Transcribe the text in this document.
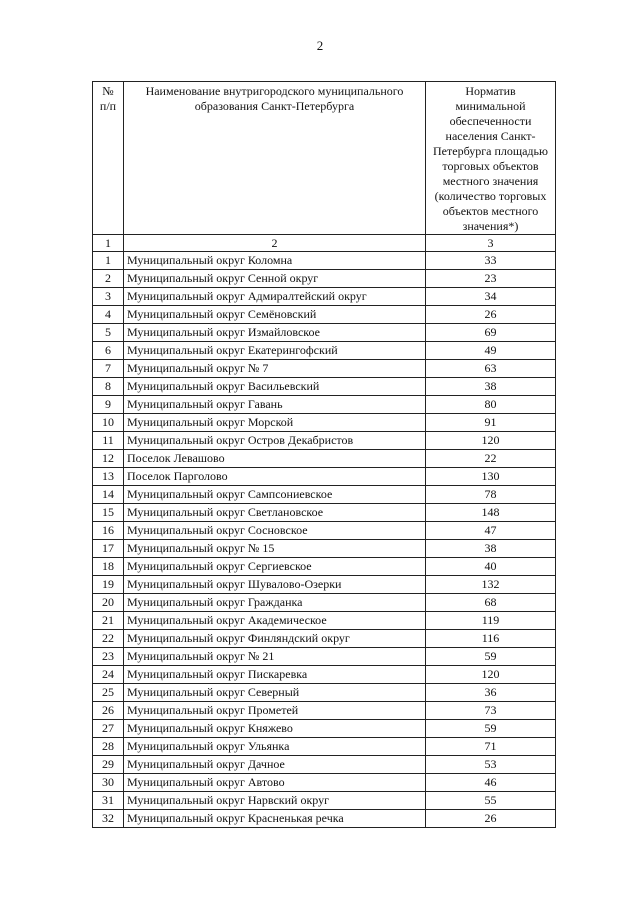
2
№ п/п	Наименование внутригородского муниципального образования Санкт-Петербурга	Норматив минимальной обеспеченности населения Санкт-Петербурга площадью торговых объектов местного значения (количество торговых объектов местного значения*)
1	2	3
1	Муниципальный округ Коломна	33
2	Муниципальный округ Сенной округ	23
3	Муниципальный округ Адмиралтейский округ	34
4	Муниципальный округ Семёновский	26
5	Муниципальный округ Измайловское	69
6	Муниципальный округ Екатерингофский	49
7	Муниципальный округ № 7	63
8	Муниципальный округ Васильевский	38
9	Муниципальный округ Гавань	80
10	Муниципальный округ Морской	91
11	Муниципальный округ Остров Декабристов	120
12	Поселок Левашово	22
13	Поселок Парголово	130
14	Муниципальный округ Сампсониевское	78
15	Муниципальный округ Светлановское	148
16	Муниципальный округ Сосновское	47
17	Муниципальный округ № 15	38
18	Муниципальный округ Сергиевское	40
19	Муниципальный округ Шувалово-Озерки	132
20	Муниципальный округ Гражданка	68
21	Муниципальный округ Академическое	119
22	Муниципальный округ Финляндский округ	116
23	Муниципальный округ № 21	59
24	Муниципальный округ Пискаревка	120
25	Муниципальный округ Северный	36
26	Муниципальный округ Прометей	73
27	Муниципальный округ Княжево	59
28	Муниципальный округ Ульянка	71
29	Муниципальный округ Дачное	53
30	Муниципальный округ Автово	46
31	Муниципальный округ Нарвский округ	55
32	Муниципальный округ Красненькая речка	26
